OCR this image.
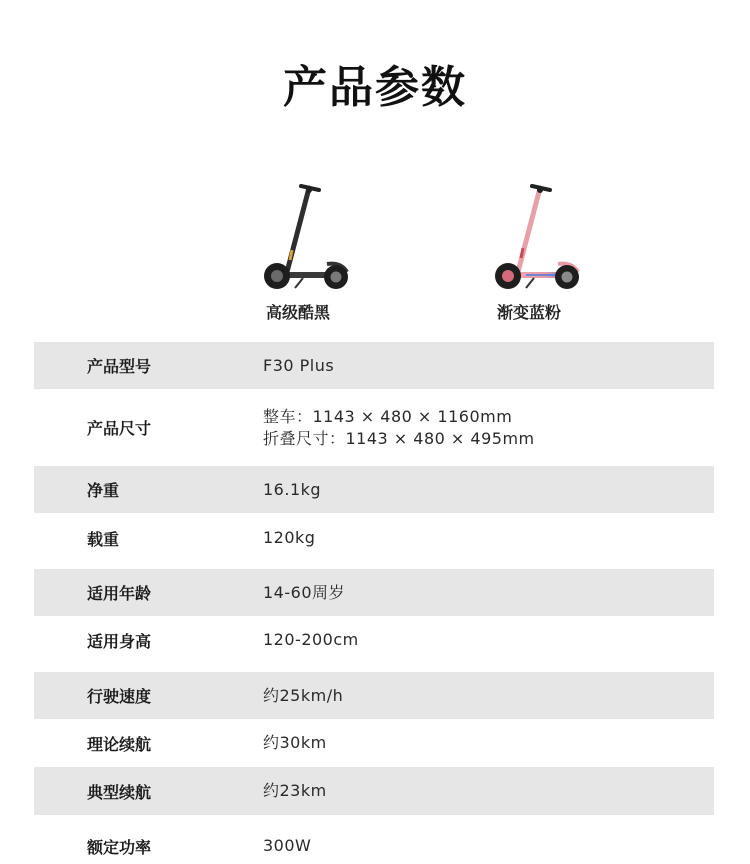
产品参数
高级酷黑	渐变蓝粉
产品型号	F30 Plus
产品尺寸
整车：1143 × 480 × 1160mm
折叠尺寸：1143 × 480 × 495mm
净重	16.1kg
载重	120kg
适用年龄	14-60周岁
适用身高	120-200cm
行驶速度	约25km/h
理论续航	约30km
典型续航	约23km
额定功率	300W
